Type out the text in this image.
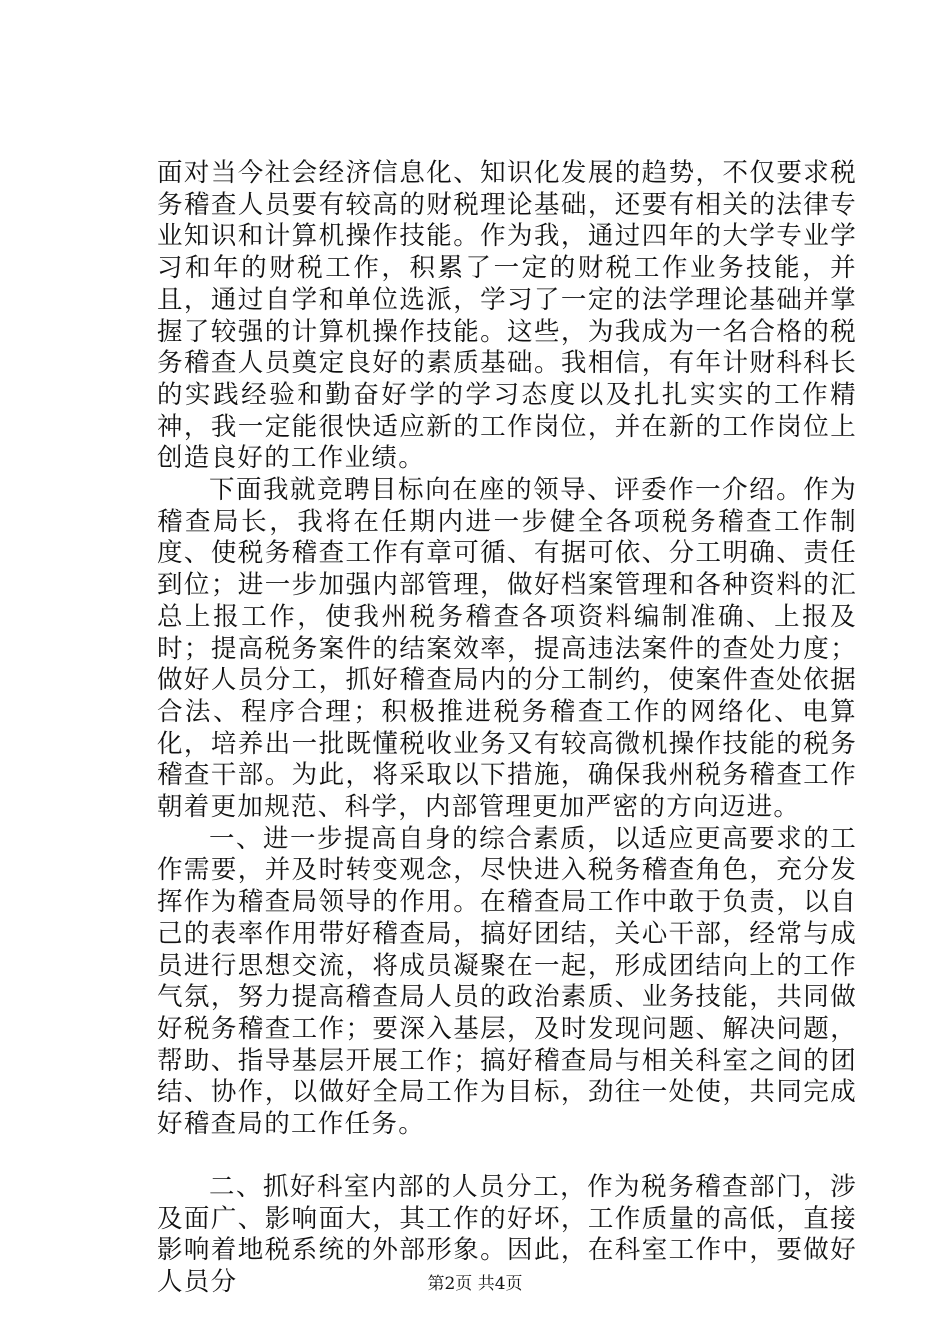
面对当今社会经济信息化、知识化发展的趋势，不仅要求税务稽查人员要有较高的财税理论基础，还要有相关的法律专业知识和计算机操作技能。作为我，通过四年的大学专业学习和年的财税工作，积累了一定的财税工作业务技能，并且，通过自学和单位选派，学习了一定的法学理论基础并掌握了较强的计算机操作技能。这些，为我成为一名合格的税务稽查人员奠定良好的素质基础。我相信，有年计财科科长的实践经验和勤奋好学的学习态度以及扎扎实实的工作精神，我一定能很快适应新的工作岗位，并在新的工作岗位上创造良好的工作业绩。

下面我就竞聘目标向在座的领导、评委作一介绍。作为稽查局长，我将在任期内进一步健全各项税务稽查工作制度、使税务稽查工作有章可循、有据可依、分工明确、责任到位；进一步加强内部管理，做好档案管理和各种资料的汇总上报工作，使我州税务稽查各项资料编制准确、上报及时；提高税务案件的结案效率，提高违法案件的查处力度；做好人员分工，抓好稽查局内的分工制约，使案件查处依据合法、程序合理；积极推进税务稽查工作的网络化、电算化，培养出一批既懂税收业务又有较高微机操作技能的税务稽查干部。为此，将采取以下措施，确保我州税务稽查工作朝着更加规范、科学，内部管理更加严密的方向迈进。

一、进一步提高自身的综合素质，以适应更高要求的工作需要，并及时转变观念，尽快进入税务稽查角色，充分发挥作为稽查局领导的作用。在稽查局工作中敢于负责，以自己的表率作用带好稽查局，搞好团结，关心干部，经常与成员进行思想交流，将成员凝聚在一起，形成团结向上的工作气氛，努力提高稽查局人员的政治素质、业务技能，共同做好税务稽查工作；要深入基层，及时发现问题、解决问题，帮助、指导基层开展工作；搞好稽查局与相关科室之间的团结、协作，以做好全局工作为目标，劲往一处使，共同完成好稽查局的工作任务。

二、抓好科室内部的人员分工，作为税务稽查部门，涉及面广、影响面大，其工作的好坏，工作质量的高低，直接影响着地税系统的外部形象。因此，在科室工作中，要做好人员分	第2页 共4页
